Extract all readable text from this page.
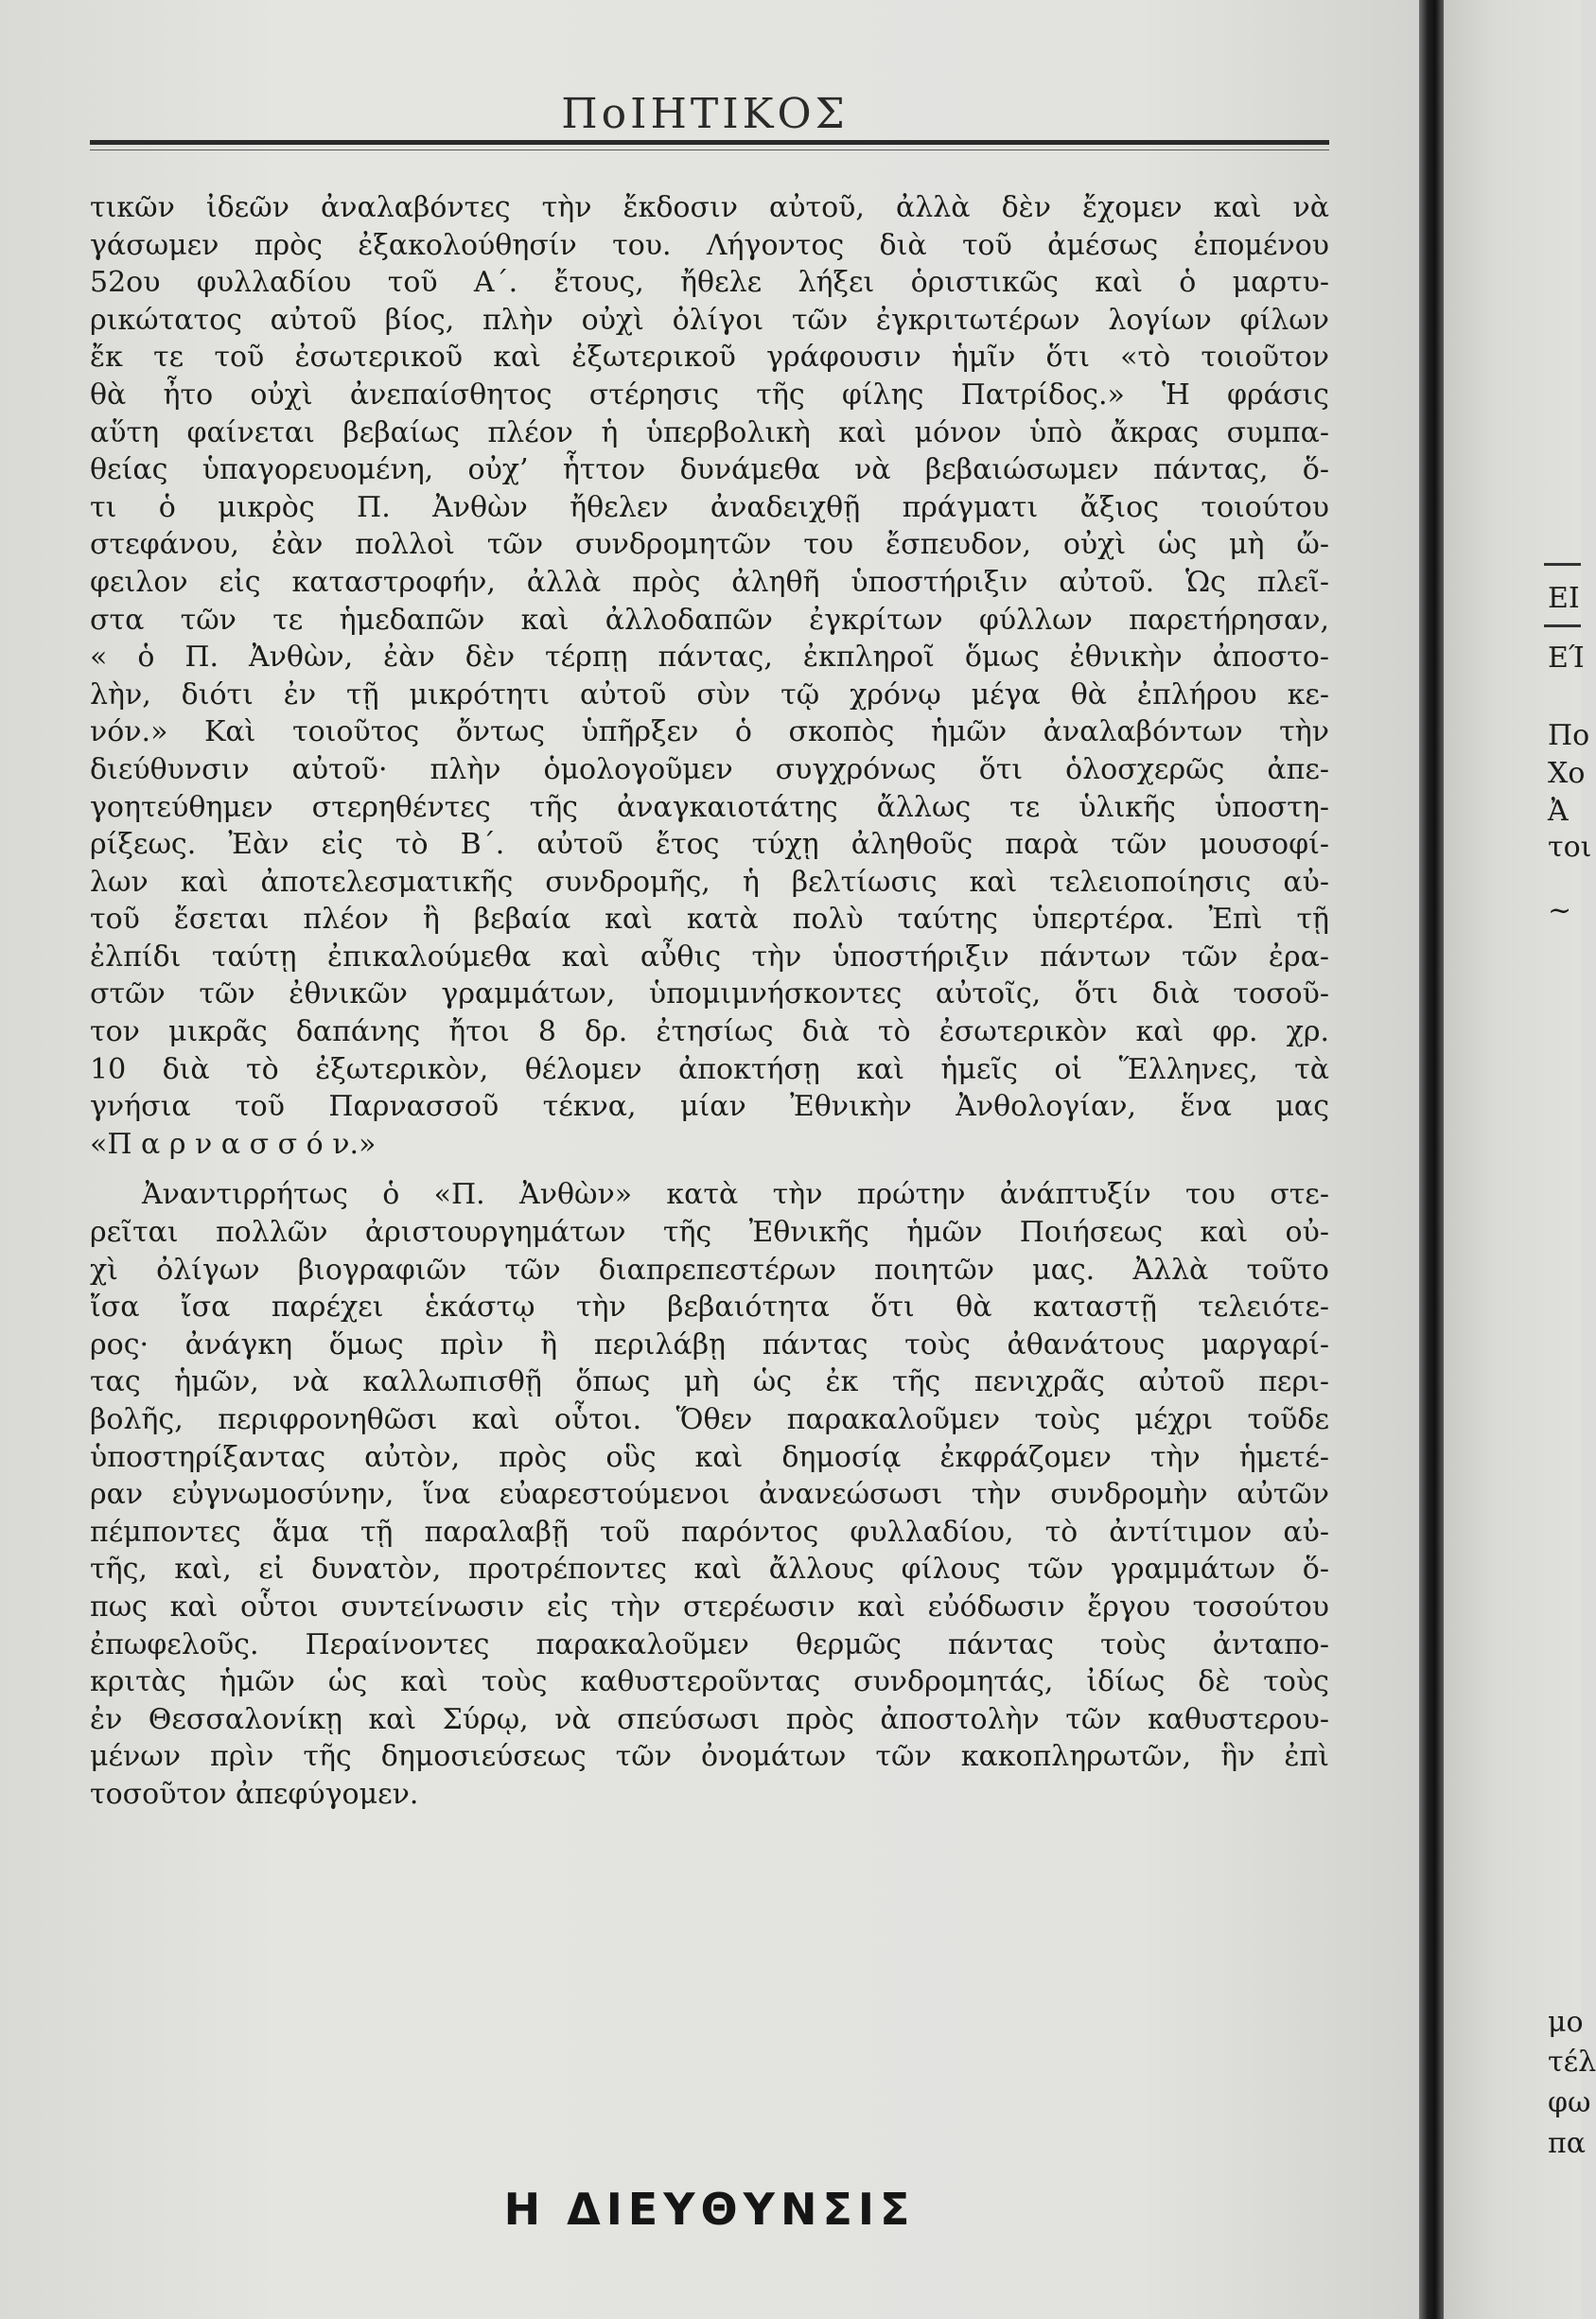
ΠοΙΗΤΙΚΟΣ
τικῶν ἰδεῶν ἀναλαβόντες τὴν ἔκδοσιν αὐτοῦ, ἀλλὰ δὲν ἔχομεν καὶ νὰ
γάσωμεν πρὸς ἐξακολούθησίν του. Λήγοντος διὰ τοῦ ἀμέσως ἐπομένου
52ου φυλλαδίου τοῦ Α΄. ἔτους, ἤθελε λήξει ὁριστικῶς καὶ ὁ μαρτυ-
ρικώτατος αὐτοῦ βίος, πλὴν οὐχὶ ὀλίγοι τῶν ἐγκριτωτέρων λογίων φίλων
ἔκ τε τοῦ ἐσωτερικοῦ καὶ ἐξωτερικοῦ γράφουσιν ἡμῖν ὅτι «τὸ τοιοῦτον
θὰ ἦτο οὐχὶ ἀνεπαίσθητος στέρησις τῆς φίλης Πατρίδος.» Ἡ φράσις
αὕτη φαίνεται βεβαίως πλέον ἡ ὑπερβολικὴ καὶ μόνον ὑπὸ ἄκρας συμπα-
θείας ὑπαγορευομένη, οὐχ’ ἧττον δυνάμεθα νὰ βεβαιώσωμεν πάντας, ὅ-
τι ὁ μικρὸς Π. Ἀνθὼν ἤθελεν ἀναδειχθῇ πράγματι ἄξιος τοιούτου
στεφάνου, ἐὰν πολλοὶ τῶν συνδρομητῶν του ἔσπευδον, οὐχὶ ὡς μὴ ὤ-
φειλον εἰς καταστροφήν, ἀλλὰ πρὸς ἀληθῆ ὑποστήριξιν αὐτοῦ. Ὡς πλεῖ-
στα τῶν τε ἡμεδαπῶν καὶ ἀλλοδαπῶν ἐγκρίτων φύλλων παρετήρησαν,
« ὁ Π. Ἀνθὼν, ἐὰν δὲν τέρπῃ πάντας, ἐκπληροῖ ὅμως ἐθνικὴν ἀποστο-
λὴν, διότι ἐν τῇ μικρότητι αὐτοῦ σὺν τῷ χρόνῳ μέγα θὰ ἐπλήρου κε-
νόν.» Καὶ τοιοῦτος ὄντως ὑπῆρξεν ὁ σκοπὸς ἡμῶν ἀναλαβόντων τὴν
διεύθυνσιν αὐτοῦ· πλὴν ὁμολογοῦμεν συγχρόνως ὅτι ὁλοσχερῶς ἀπε-
γοητεύθημεν στερηθέντες τῆς ἀναγκαιοτάτης ἄλλως τε ὑλικῆς ὑποστη-
ρίξεως. Ἐὰν εἰς τὸ Β΄. αὐτοῦ ἔτος τύχῃ ἀληθοῦς παρὰ τῶν μουσοφί-
λων καὶ ἀποτελεσματικῆς συνδρομῆς, ἡ βελτίωσις καὶ τελειοποίησις αὐ-
τοῦ ἔσεται πλέον ἢ βεβαία καὶ κατὰ πολὺ ταύτης ὑπερτέρα. Ἐπὶ τῇ
ἐλπίδι ταύτῃ ἐπικαλούμεθα καὶ αὖθις τὴν ὑποστήριξιν πάντων τῶν ἐρα-
στῶν τῶν ἐθνικῶν γραμμάτων, ὑπομιμνήσκοντες αὐτοῖς, ὅτι διὰ τοσοῦ-
τον μικρᾶς δαπάνης ἤτοι 8 δρ. ἐτησίως διὰ τὸ ἐσωτερικὸν καὶ φρ. χρ.
10 διὰ τὸ ἐξωτερικὸν, θέλομεν ἀποκτήσῃ καὶ ἡμεῖς οἱ Ἕλληνες, τὰ
γνήσια τοῦ Παρνασσοῦ τέκνα, μίαν Ἐθνικὴν Ἀνθολογίαν, ἕνα μας
«Π α ρ ν α σ σ ό ν.»
Ἀναντιρρήτως ὁ «Π. Ἀνθὼν» κατὰ τὴν πρώτην ἀνάπτυξίν του στε-
ρεῖται πολλῶν ἀριστουργημάτων τῆς Ἐθνικῆς ἡμῶν Ποιήσεως καὶ οὐ-
χὶ ὀλίγων βιογραφιῶν τῶν διαπρεπεστέρων ποιητῶν μας. Ἀλλὰ τοῦτο
ἴσα ἴσα παρέχει ἑκάστῳ τὴν βεβαιότητα ὅτι θὰ καταστῇ τελειότε-
ρος· ἀνάγκη ὅμως πρὶν ἢ περιλάβῃ πάντας τοὺς ἀθανάτους μαργαρί-
τας ἡμῶν, νὰ καλλωπισθῇ ὅπως μὴ ὡς ἐκ τῆς πενιχρᾶς αὐτοῦ περι-
βολῆς, περιφρονηθῶσι καὶ οὗτοι. Ὅθεν παρακαλοῦμεν τοὺς μέχρι τοῦδε
ὑποστηρίξαντας αὐτὸν, πρὸς οὓς καὶ δημοσίᾳ ἐκφράζομεν τὴν ἡμετέ-
ραν εὐγνωμοσύνην, ἵνα εὐαρεστούμενοι ἀνανεώσωσι τὴν συνδρομὴν αὐτῶν
πέμποντες ἅμα τῇ παραλαβῇ τοῦ παρόντος φυλλαδίου, τὸ ἀντίτιμον αὐ-
τῆς, καὶ, εἰ δυνατὸν, προτρέποντες καὶ ἄλλους φίλους τῶν γραμμάτων ὅ-
πως καὶ οὗτοι συντείνωσιν εἰς τὴν στερέωσιν καὶ εὐόδωσιν ἔργου τοσούτου
ἐπωφελοῦς. Περαίνοντες παρακαλοῦμεν θερμῶς πάντας τοὺς ἀνταπο-
κριτὰς ἡμῶν ὡς καὶ τοὺς καθυστεροῦντας συνδρομητάς, ἰδίως δὲ τοὺς
ἐν Θεσσαλονίκῃ καὶ Σύρῳ, νὰ σπεύσωσι πρὸς ἀποστολὴν τῶν καθυστερου-
μένων πρὶν τῆς δημοσιεύσεως τῶν ὀνομάτων τῶν κακοπληρωτῶν, ἣν ἐπὶ
τοσοῦτον ἀπεφύγομεν.
Η ΔΙΕΥΘΥΝΣΙΣ
ΕΙ
ΕΊ
Πο
Χο
Ἀ
τοι
~
μο
τέλ
φω
πα
